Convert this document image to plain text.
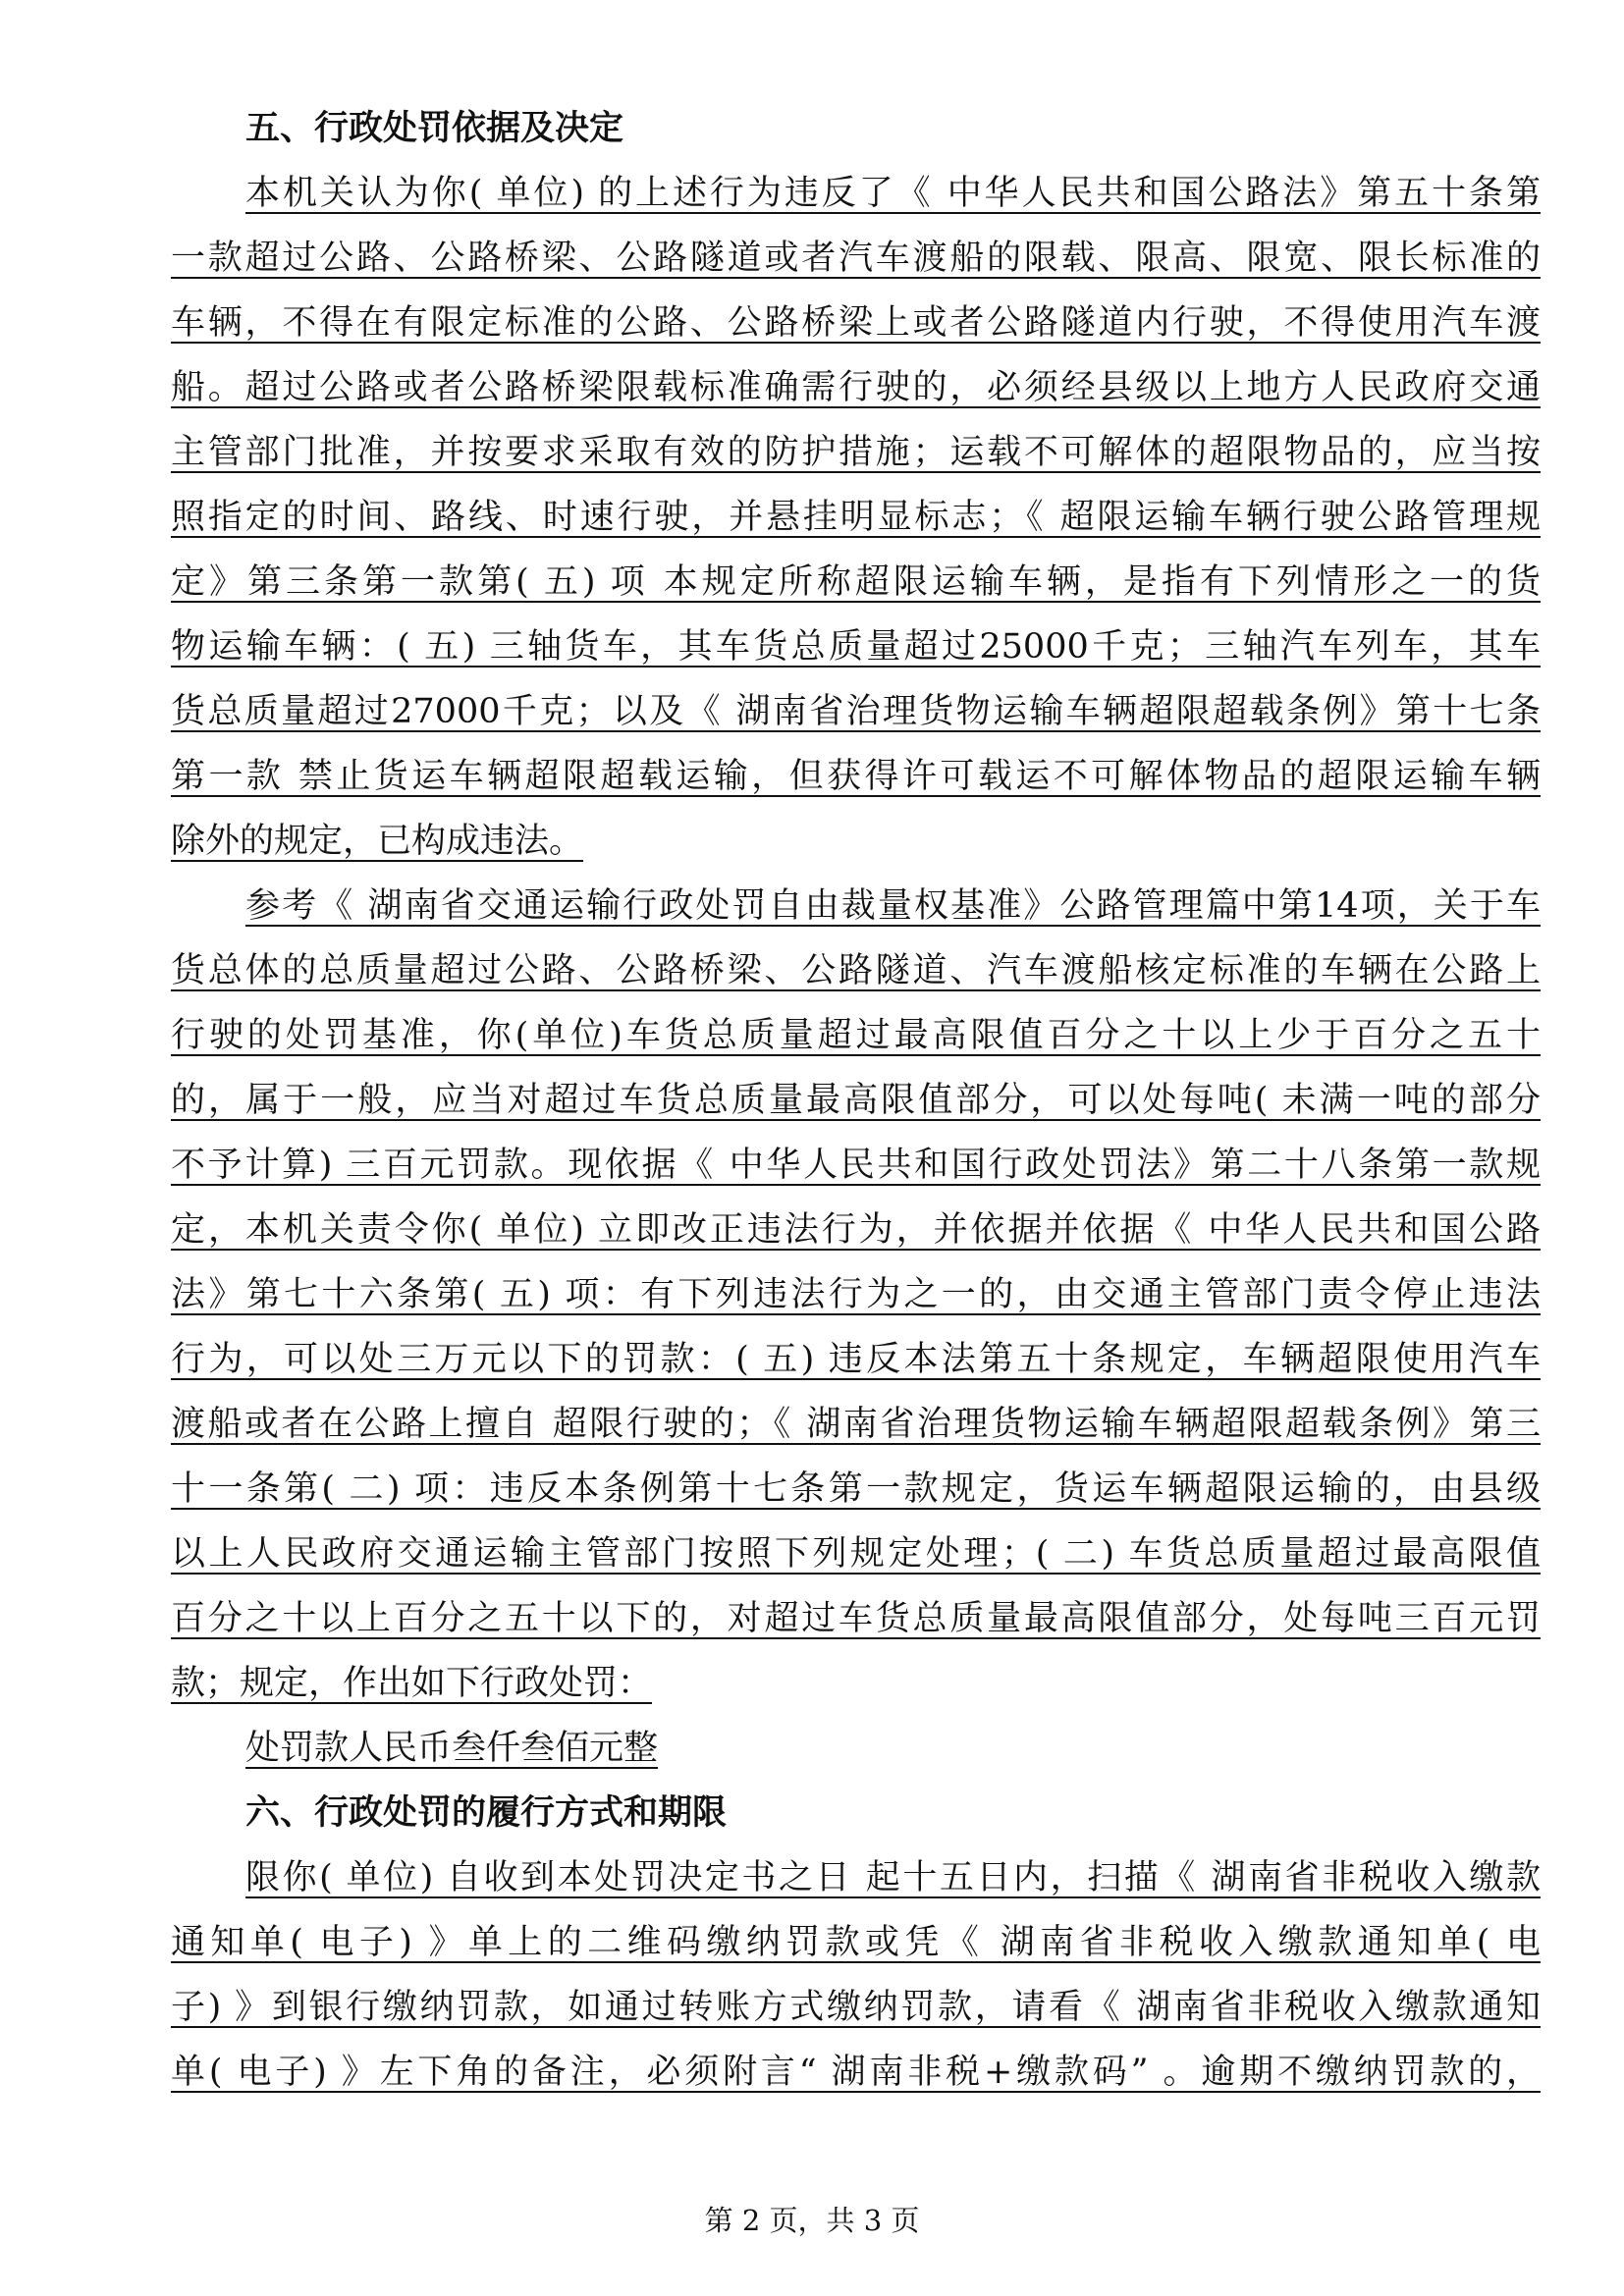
五、行政处罚依据及决定

本机关认为你( 单位) 的上述行为违反了《 中华人民共和国公路法》第五十条第

一款超过公路、公路桥梁、公路隧道或者汽车渡船的限载、限高、限宽、限长标准的

车辆，不得在有限定标准的公路、公路桥梁上或者公路隧道内行驶，不得使用汽车渡

船。超过公路或者公路桥梁限载标准确需行驶的，必须经县级以上地方人民政府交通

主管部门批准，并按要求采取有效的防护措施；运载不可解体的超限物品的，应当按

照指定的时间、路线、时速行驶，并悬挂明显标志；《 超限运输车辆行驶公路管理规

定》第三条第一款第( 五) 项 本规定所称超限运输车辆，是指有下列情形之一的货

物运输车辆：( 五) 三轴货车，其车货总质量超过25000千克；三轴汽车列车，其车

货总质量超过27000千克；以及《 湖南省治理货物运输车辆超限超载条例》第十七条

第一款 禁止货运车辆超限超载运输，但获得许可载运不可解体物品的超限运输车辆

除外的规定，已构成违法。

参考《 湖南省交通运输行政处罚自由裁量权基准》公路管理篇中第14项，关于车

货总体的总质量超过公路、公路桥梁、公路隧道、汽车渡船核定标准的车辆在公路上

行驶的处罚基准，你(单位)车货总质量超过最高限值百分之十以上少于百分之五十

的，属于一般，应当对超过车货总质量最高限值部分，可以处每吨( 未满一吨的部分

不予计算) 三百元罚款。现依据《 中华人民共和国行政处罚法》第二十八条第一款规

定，本机关责令你( 单位) 立即改正违法行为，并依据并依据《 中华人民共和国公路

法》第七十六条第( 五) 项：有下列违法行为之一的，由交通主管部门责令停止违法

行为，可以处三万元以下的罚款：( 五) 违反本法第五十条规定，车辆超限使用汽车

渡船或者在公路上擅自 超限行驶的；《 湖南省治理货物运输车辆超限超载条例》第三

十一条第( 二) 项：违反本条例第十七条第一款规定，货运车辆超限运输的，由县级

以上人民政府交通运输主管部门按照下列规定处理；( 二) 车货总质量超过最高限值

百分之十以上百分之五十以下的，对超过车货总质量最高限值部分，处每吨三百元罚

款；规定，作出如下行政处罚：

处罚款人民币叁仟叁佰元整

六、行政处罚的履行方式和期限

限你( 单位) 自收到本处罚决定书之日 起十五日内，扫描《 湖南省非税收入缴款

通知单( 电子) 》单上的二维码缴纳罚款或凭《 湖南省非税收入缴款通知单( 电

子) 》到银行缴纳罚款，如通过转账方式缴纳罚款，请看《 湖南省非税收入缴款通知

单( 电子) 》左下角的备注，必须附言“ 湖南非税+缴款码” 。逾期不缴纳罚款的，

第 2 页，共 3 页
